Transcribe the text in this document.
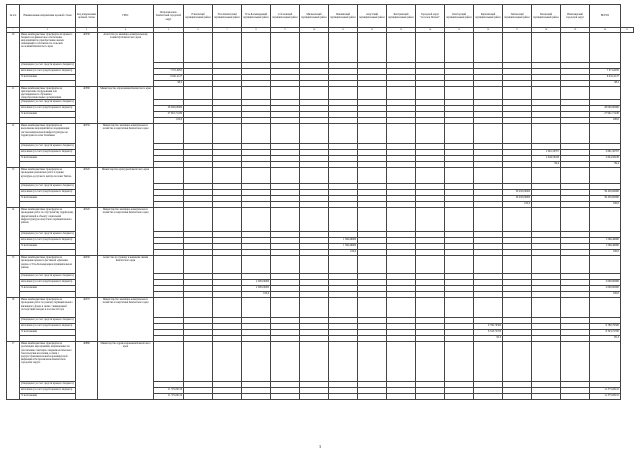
№ п/п	Наименование направления целевой статьи	Код направления целевой статьи	ГРБС	Петропавловск-Камчатский городской округ	Елизовский муниципальный район	Усть-Камчатский муниципальный район	Усть-Большерецкий муниципальный район	Соболевский муниципальный район	Мильковский муниципальный район	Пенжинский муниципальный район	Алеутский муниципальный район	Быстринский муниципальный район	Городской округ "поселок Палана"	Олюторский муниципальный район	Карагинский муниципальный район	Тигильский муниципальный район	Паланский муниципальный район	Вилючинский городской округ	ВСЕГО	
1	2	3	4	5	6	7	8	9	10	11	12	13	14	15	16	17	18	19	20	21
10	Иные межбюджетные трансферты из краевого бюджета на финансовое обеспечение мероприятий по приобретению жилых помещений в собственность сельских поселений Камчатского края	40330	Агентство по жилищно-коммунальному хозяйству Камчатского края																	
	утверждено (за счет средств краевого бюджета)																			
	исполнено (за счет средств краевого бюджета)			7 071,6055															7 071,6055	
	% исполнения			6 941,2127															6 941,2127	
				98,2															98,2	
11	Иные межбюджетные трансферты на приобретение оборудования для дистанционного обучения в общеобразовательных организациях	40380	Министерство образования Камчатского края																	
	утверждено (за счет средств краевого бюджета)																			
	исполнено (за счет средств краевого бюджета)			28 000,00000															28 000,00000	
	% исполнения			27 991,71430															27 991,71430	
				100,0															100,0	
12	Иные межбюджетные трансферты на выполнение мероприятий по модернизации систем коммунальной инфраструктуры на территории поселка Тиличики	40550	Министерство жилищно-коммунального хозяйства и энергетики Камчатского края																	
	утверждено (за счет средств краевого бюджета)																			
	исполнено (за счет средств краевого бюджета)																2 661,50707		2 661,50707	
	% исполнения																2 644,56430		2 644,56430	
																	99,4		99,4	
13	Иные межбюджетные трансферты на проведение ремонтных работ в здании культурно-досугового центра поселка Тигиль	40320	Министерство культуры Камчатского края																	
	утверждено (за счет средств краевого бюджета)																			
	исполнено (за счет средств краевого бюджета)															39 450,00000			39 450,00000	
	% исполнения															39 450,00000			39 450,00000	
																100,0			100,0	
14	Иные межбюджетные трансферты на проведение работ по обустройству территории, прилегающей к объекту социальной инфраструктуры Алеутского муниципального района	40520	Министерство жилищно-коммунального хозяйства и энергетики Камчатского края																	
	утверждено (за счет средств краевого бюджета)																			
	исполнено (за счет средств краевого бюджета)									1 566,46000									1 566,46000	
	% исполнения									1 566,46000									1 566,46000	
										100,0									100,0	
15	Иные межбюджетные трансферты на проведение краевого фестиваля «Дыхание земли» в Усть-Большерецком муниципальном районе	40430	Агентство по туризму и внешним связям Камчатского края																	
	утверждено (за счет средств краевого бюджета)																			
	исполнено (за счет средств краевого бюджета)						2 000,00000												2 000,00000	
	% исполнения						2 000,00000												2 000,00000	
							100,0												100,0	
16	Иные межбюджетные трансферты на проведение работ по ремонту муниципального жилищного фонда в связи с ликвидацией последствий паводка в поселке Оссора	40370	Министерство жилищно-коммунального хозяйства и энергетики Камчатского края																	
	утверждено (за счет средств краевого бюджета)																			
	исполнено (за счет средств краевого бюджета)														9 780,79300				9 780,79300	
	% исполнения														8 343,72700				8 343,72700	
															85,3				85,3	
17	Иные межбюджетные трансферты на реализацию мероприятий, направленных на обеспечение санитарно-эпидемиологического благополучия населения, в связи с распространением новой коронавирусной инфекции в Петропавловск-Камчатском городском округе	40880	Министерство здравоохранения Камчатского края																	
	утверждено (за счет средств краевого бюджета)																			
	исполнено (за счет средств краевого бюджета)			11 375,00110															11 375,00110	
	% исполнения			11 375,00110															11 375,00110	
3
